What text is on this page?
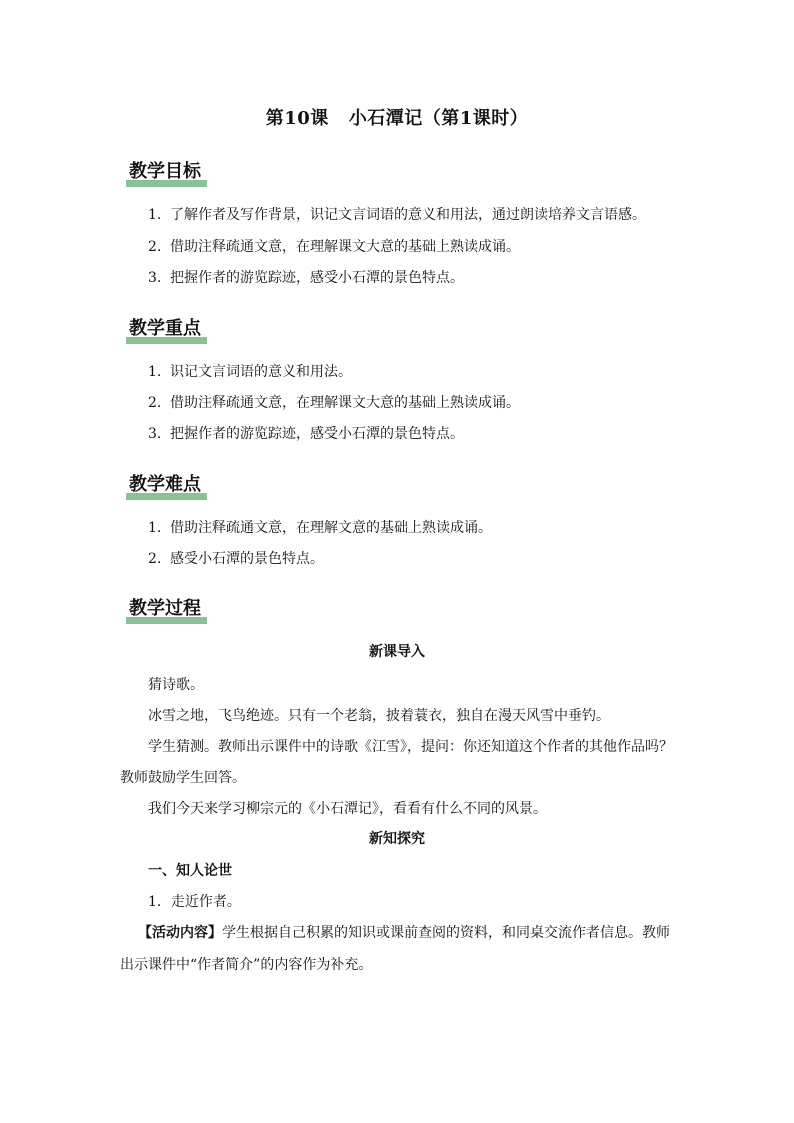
第10课 小石潭记（第1课时）
教学目标
1. 了解作者及写作背景，识记文言词语的意义和用法，通过朗读培养文言语感。
2. 借助注释疏通文意，在理解课文大意的基础上熟读成诵。
3. 把握作者的游览踪迹，感受小石潭的景色特点。
教学重点
1. 识记文言词语的意义和用法。
2. 借助注释疏通文意，在理解课文大意的基础上熟读成诵。
3. 把握作者的游览踪迹，感受小石潭的景色特点。
教学难点
1. 借助注释疏通文意，在理解文意的基础上熟读成诵。
2. 感受小石潭的景色特点。
教学过程
新课导入
猜诗歌。
冰雪之地，飞鸟绝迹。只有一个老翁，披着蓑衣，独自在漫天风雪中垂钓。
学生猜测。教师出示课件中的诗歌《江雪》，提问：你还知道这个作者的其他作品吗？
教师鼓励学生回答。
我们今天来学习柳宗元的《小石潭记》，看看有什么不同的风景。
新知探究
一、知人论世
1．走近作者。
【活动内容】学生根据自己积累的知识或课前查阅的资料，和同桌交流作者信息。教师
出示课件中“作者简介”的内容作为补充。
